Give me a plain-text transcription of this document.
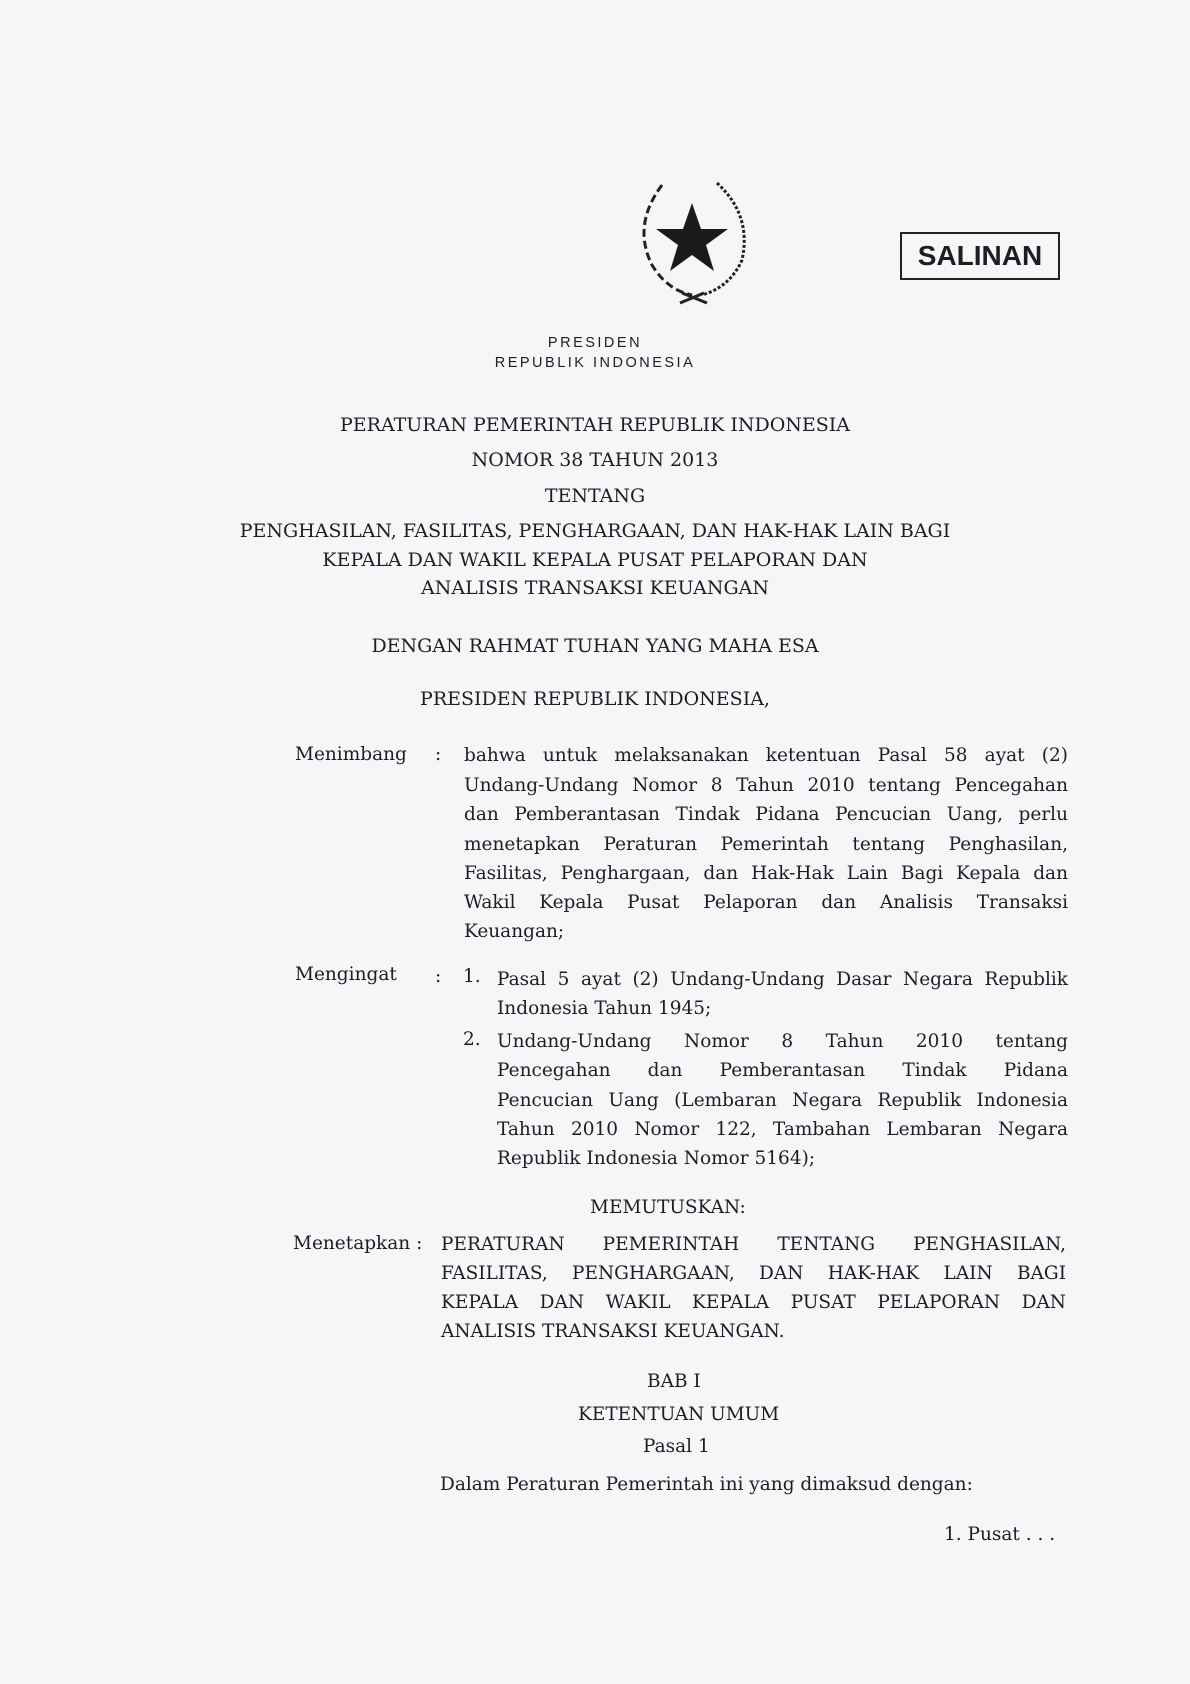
SALINAN
PRESIDEN
REPUBLIK INDONESIA
PERATURAN PEMERINTAH REPUBLIK INDONESIA
NOMOR 38 TAHUN 2013
TENTANG
PENGHASILAN, FASILITAS, PENGHARGAAN, DAN HAK-HAK LAIN BAGI
KEPALA DAN WAKIL KEPALA PUSAT PELAPORAN DAN
ANALISIS TRANSAKSI KEUANGAN
DENGAN RAHMAT TUHAN YANG MAHA ESA
PRESIDEN REPUBLIK INDONESIA,
Menimbang : bahwa untuk melaksanakan ketentuan Pasal 58 ayat (2)
Undang-Undang Nomor 8 Tahun 2010 tentang Pencegahan
dan Pemberantasan Tindak Pidana Pencucian Uang, perlu
menetapkan Peraturan Pemerintah tentang Penghasilan,
Fasilitas, Penghargaan, dan Hak-Hak Lain Bagi Kepala dan
Wakil Kepala Pusat Pelaporan dan Analisis Transaksi
Keuangan;
Mengingat : 1. Pasal 5 ayat (2) Undang-Undang Dasar Negara Republik
Indonesia Tahun 1945;
2. Undang-Undang Nomor 8 Tahun 2010 tentang
Pencegahan dan Pemberantasan Tindak Pidana
Pencucian Uang (Lembaran Negara Republik Indonesia
Tahun 2010 Nomor 122, Tambahan Lembaran Negara
Republik Indonesia Nomor 5164);
MEMUTUSKAN:
Menetapkan : PERATURAN PEMERINTAH TENTANG PENGHASILAN,
FASILITAS, PENGHARGAAN, DAN HAK-HAK LAIN BAGI
KEPALA DAN WAKIL KEPALA PUSAT PELAPORAN DAN
ANALISIS TRANSAKSI KEUANGAN.
BAB I
KETENTUAN UMUM
Pasal 1
Dalam Peraturan Pemerintah ini yang dimaksud dengan:
1. Pusat . . .
